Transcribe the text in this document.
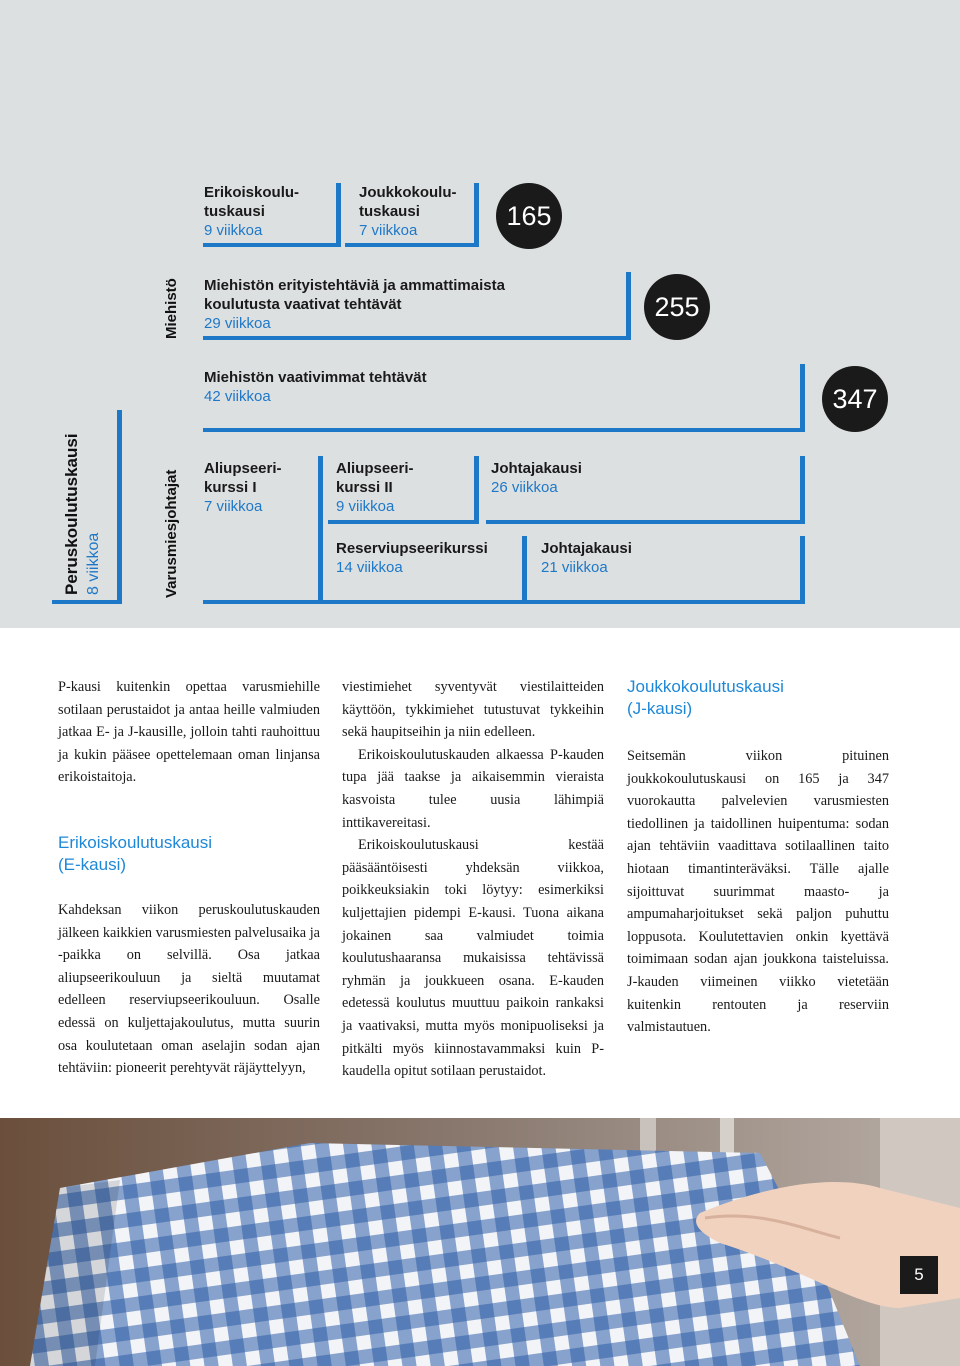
Peruskoulutuskausi 8 viikkoa	Varusmiesjohtajat
Miehistö
Erikoiskoulu-
tuskausi
9 viikkoa
Joukkokoulu-
tuskausi
7 viikkoa	165
Miehistön erityistehtäviä ja ammattimaista
koulutusta vaativat tehtävät
29 viikkoa
255
Miehistön vaativimmat tehtävät
42 viikkoa	347
Aliupseeri-
kurssi I
7 viikkoa
Aliupseeri-
kurssi II
9 viikkoa
Johtajakausi
26 viikkoa
Reserviupseerikurssi
14 viikkoa
Johtajakausi
21 viikkoa

P-kausi kuitenkin opettaa varusmiehille sotilaan perustaidot ja antaa heille valmiuden jatkaa E- ja J-kausille, jolloin tahti rauhoittuu ja kukin pääsee opettelemaan oman linjansa erikoistaitoja.

Erikoiskoulutuskausi
(E-kausi)

Kahdeksan viikon peruskoulutuskauden jälkeen kaikkien varusmiesten palvelusaika ja -paikka on selvillä. Osa jatkaa aliupseerikouluun ja sieltä muutamat edelleen reserviupseerikouluun. Osalle edessä on kuljettajakoulutus, mutta suurin osa koulutetaan oman aselajin sodan ajan tehtäviin: pioneerit perehtyvät räjäyttelyyn,

viestimiehet syventyvät viestilaitteiden käyttöön, tykkimiehet tutustuvat tykkeihin sekä haupitseihin ja niin edelleen.

Erikoiskoulutuskauden alkaessa P-kauden tupa jää taakse ja aikaisemmin vieraista kasvoista tulee uusia lähimpiä inttikavereitasi.

Erikoiskoulutuskausi kestää pääsääntöisesti yhdeksän viikkoa, poikkeuksiakin toki löytyy: esimerkiksi kuljettajien pidempi E-kausi. Tuona aikana jokainen saa valmiudet toimia koulutushaaransa mukaisissa tehtävissä ryhmän ja joukkueen osana. E-kauden edetessä koulutus muuttuu paikoin rankaksi ja vaativaksi, mutta myös monipuoliseksi ja pitkälti myös kiinnostavammaksi kuin P-kaudella opitut sotilaan perustaidot.

Joukkokoulutuskausi
(J-kausi)

Seitsemän viikon pituinen joukkokoulutuskausi on 165 ja 347 vuorokautta palvelevien varusmiesten tiedollinen ja taidollinen huipentuma: sodan ajan tehtäviin vaadittava sotilaallinen taito hiotaan timantinteräväksi. Tälle ajalle sijoittuvat suurimmat maasto- ja ampumaharjoitukset sekä paljon puhuttu loppusota. Koulutettavien onkin kyettävä toimimaan sodan ajan joukkona taisteluissa. J-kauden viimeinen viikko vietetään kuitenkin rentouten ja reserviin valmistautuen.

5
